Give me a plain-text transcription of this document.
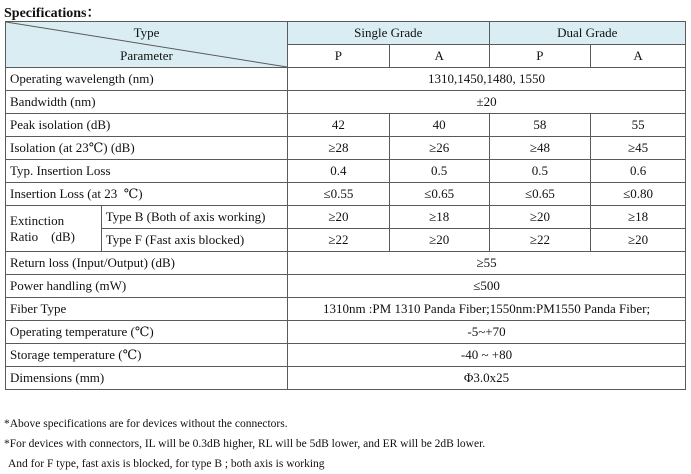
Specifications：
Type
Parameter		Single Grade		Dual Grade	
		P	A	P	A
Operating wavelength (nm)		1310,1450,1480, 1550			
Bandwidth (nm)		±20			
Peak isolation (dB)		42	40	58	55
Isolation (at 23℃) (dB)		≥28	≥26	≥48	≥45
Typ. Insertion Loss		0.4	0.5	0.5	0.6
Insertion Loss (at 23  ℃)		≤0.55	≤0.65	≤0.65	≤0.80

Extinction
Ratio    (dB)	Type B (Both of axis working)	≥20	≥18	≥20	≥18
	Type F (Fast axis blocked)	≥22	≥20	≥22	≥20
Return loss (Input/Output) (dB)		≥55			
Power handling (mW)		≤500			
Fiber Type		1310nm :PM 1310 Panda Fiber;1550nm:PM1550 Panda Fiber;			
Operating temperature (℃)		-5~+70			
Storage temperature (℃)		-40 ~ +80			
Dimensions (mm)		Φ3.0x25			
*Above specifications are for devices without the connectors.
*For devices with connectors, IL will be 0.3dB higher, RL will be 5dB lower, and ER will be 2dB lower.
And for F type, fast axis is blocked, for type B ; both axis is working
